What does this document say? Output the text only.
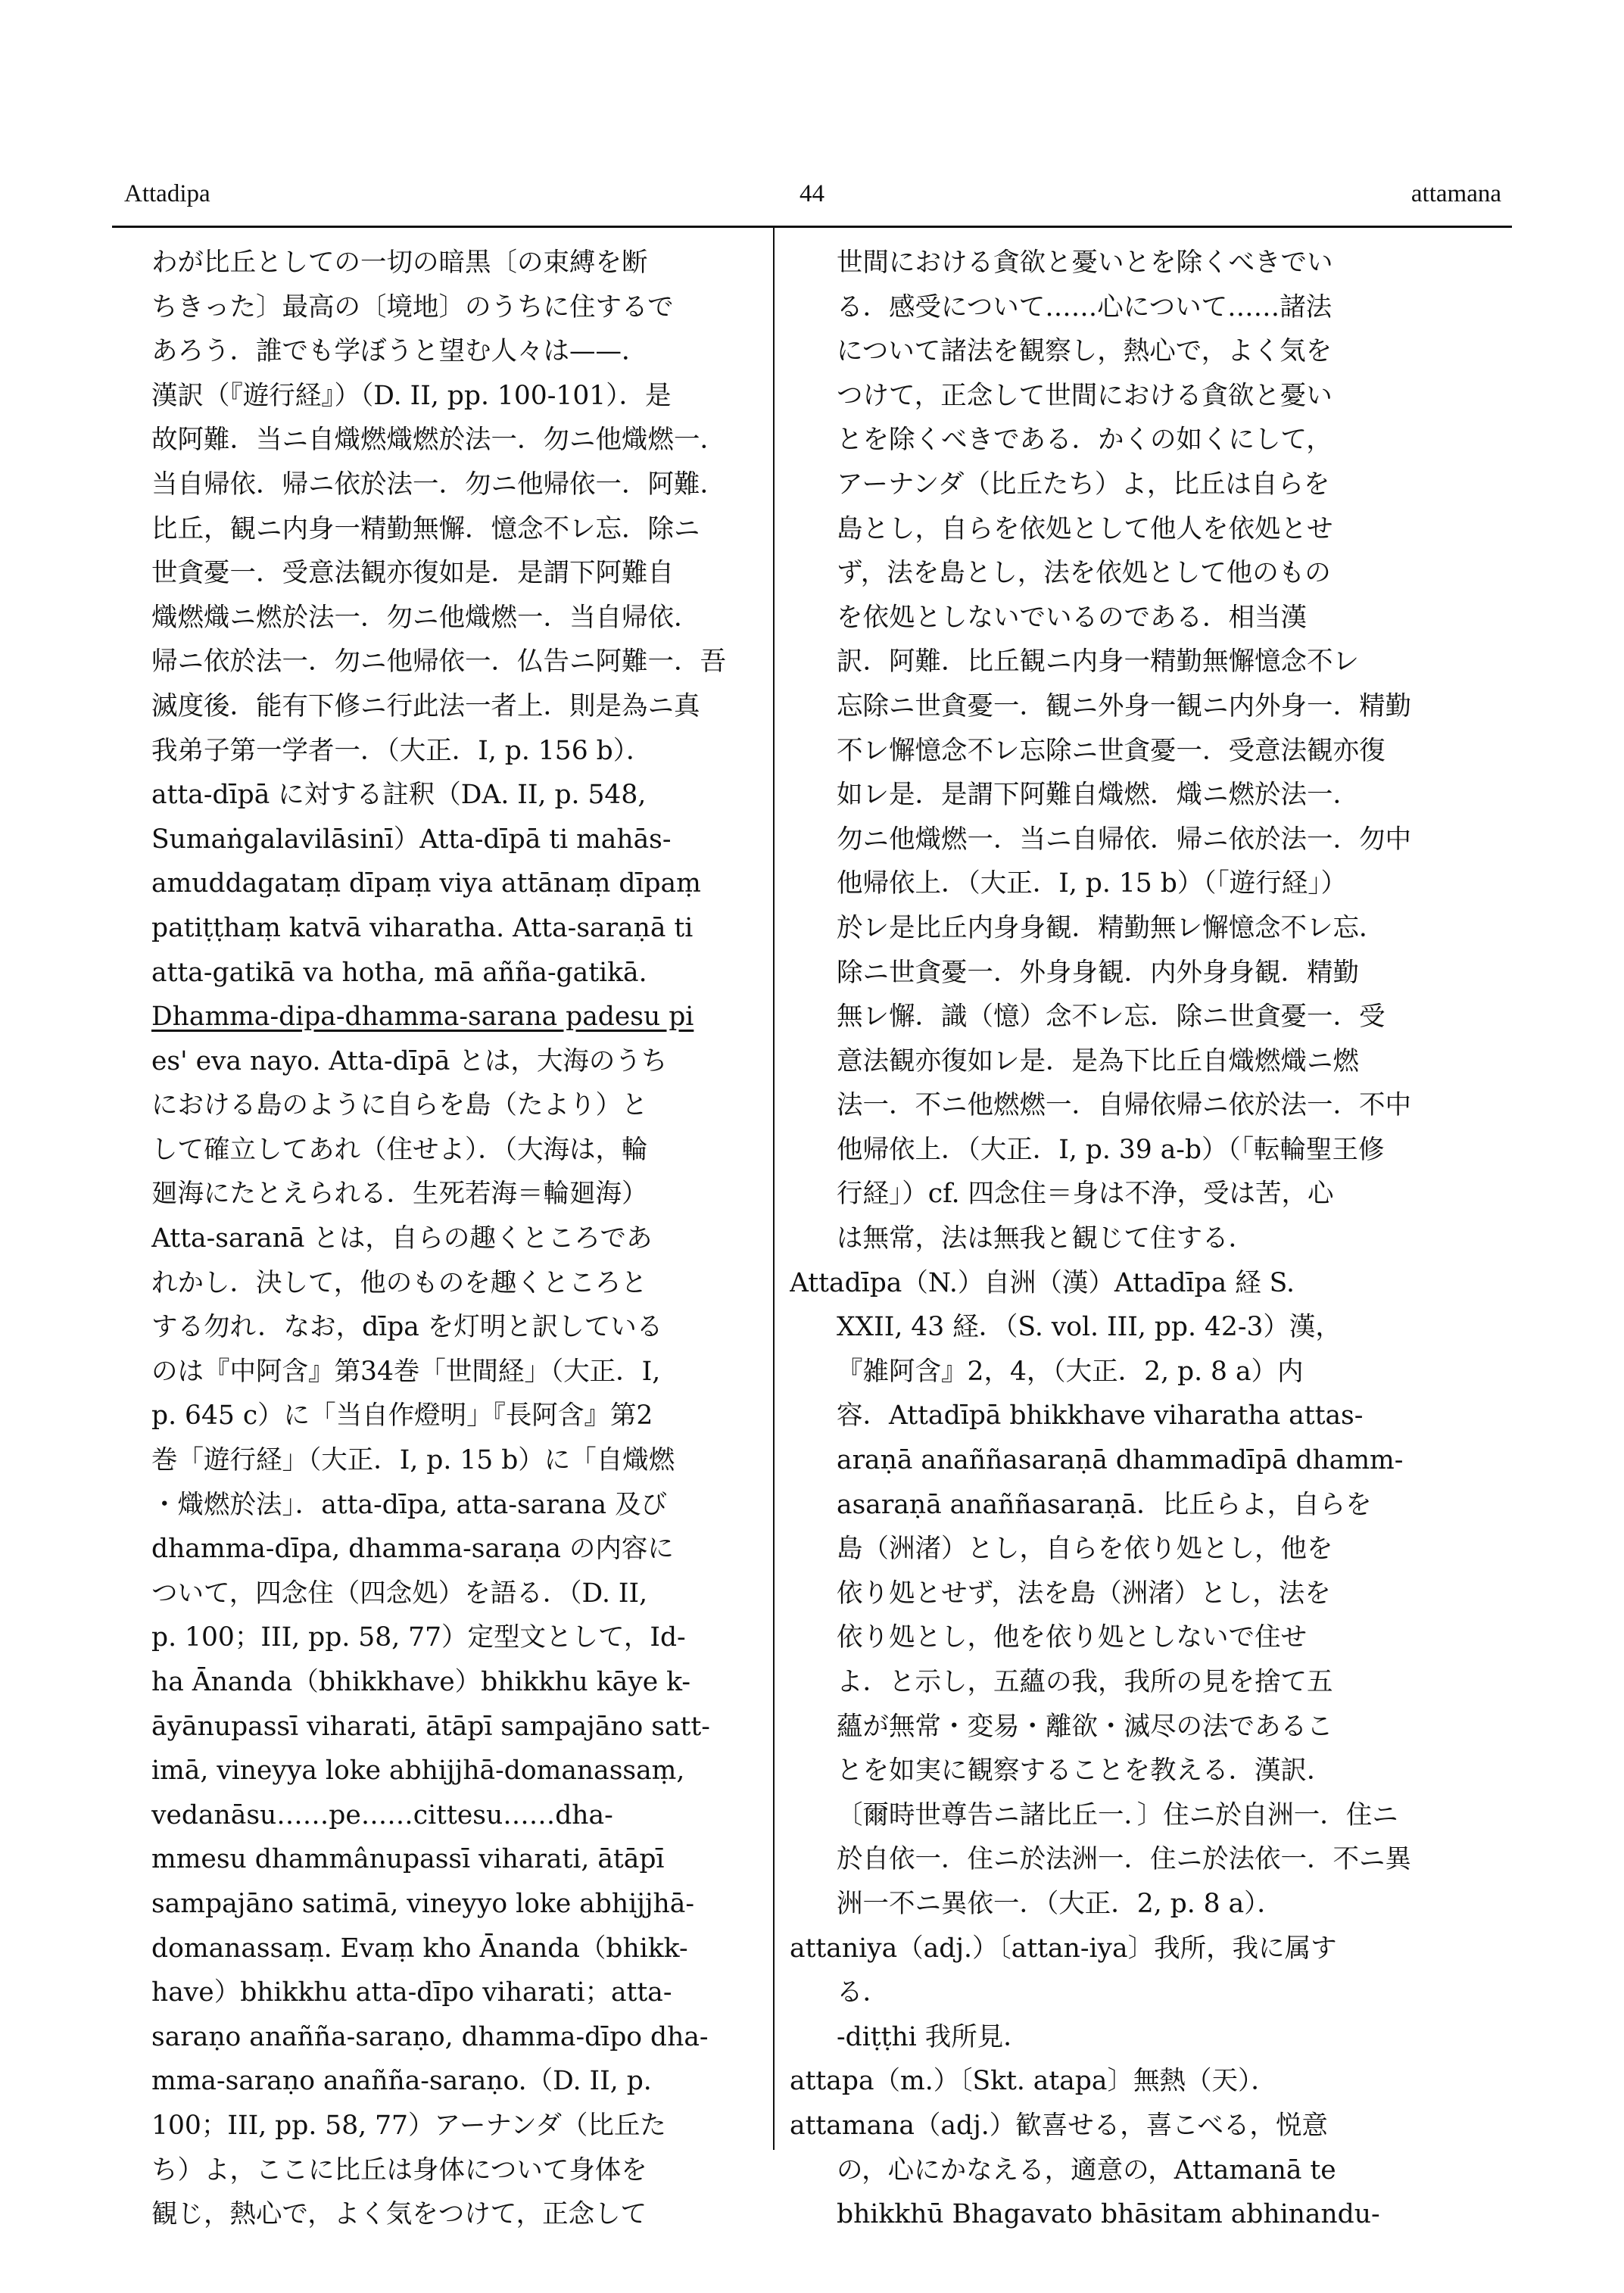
Attadipa	44	attamana
わが比丘としての一切の暗黒〔の束縛を断
ちきった〕最高の〔境地〕のうちに住するで
あろう．誰でも学ぼうと望む人々は——．
漢訳（『遊行経』）（D. II, pp. 100-101）．是
故阿難．当ニ自熾燃熾燃於法一．勿ニ他熾燃一．
当自帰依．帰ニ依於法一．勿ニ他帰依一．阿難．
比丘，観ニ内身一精勤無懈．憶念不レ忘．除ニ
世貪憂一．受意法観亦復如是．是謂下阿難自
熾燃熾ニ燃於法一．勿ニ他熾燃一．当自帰依．
帰ニ依於法一．勿ニ他帰依一．仏告ニ阿難一．吾
滅度後．能有下修ニ行此法一者上．則是為ニ真
我弟子第一学者一．（大正．I, p. 156 b）．
atta-dīpā に対する註釈（DA. II, p. 548,
Sumaṅgalavilāsinī）Atta-dīpā ti mahās-
amuddagataṃ dīpaṃ viya attānaṃ dīpaṃ
patiṭṭhaṃ katvā viharatha. Atta-saraṇā ti
atta-gatikā va hotha, mā añña-gatikā.
Dhamma-dipa-dhamma-sarana padesu pi
es' eva nayo. Atta-dīpā とは，大海のうち
における島のように自らを島（たより）と
して確立してあれ（住せよ）．（大海は，輪
廻海にたとえられる．生死若海＝輪廻海）
Atta-saranā とは，自らの趣くところであ
れかし．決して，他のものを趣くところと
する勿れ．なお，dīpa を灯明と訳している
のは『中阿含』第34巻「世間経」（大正．I,
p. 645 c）に「当自作燈明」『長阿含』第2
巻「遊行経」（大正．I, p. 15 b）に「自熾燃
・熾燃於法」．atta-dīpa, atta-sarana 及び
dhamma-dīpa, dhamma-saraṇa の内容に
ついて，四念住（四念処）を語る．（D. II,
p. 100；III, pp. 58, 77）定型文として，Id-
ha Ānanda（bhikkhave）bhikkhu kāye k-
āyānupassī viharati, ātāpī sampajāno satt-
imā, vineyya loke abhijjhā-domanassaṃ,
vedanāsu……pe……cittesu……dha-
mmesu dhammânupassī viharati, ātāpī
sampajāno satimā, vineyyo loke abhijjhā-
domanassaṃ. Evaṃ kho Ānanda（bhikk-
have）bhikkhu atta-dīpo viharati；atta-
saraṇo anañña-saraṇo, dhamma-dīpo dha-
mma-saraṇo anañña-saraṇo.（D. II, p.
100；III, pp. 58, 77）アーナンダ（比丘た
ち）よ，ここに比丘は身体について身体を
観じ，熱心で，よく気をつけて，正念して
世間における貪欲と憂いとを除くべきでい
る．感受について……心について……諸法
について諸法を観察し，熱心で，よく気を
つけて，正念して世間における貪欲と憂い
とを除くべきである．かくの如くにして，
アーナンダ（比丘たち）よ，比丘は自らを
島とし，自らを依処として他人を依処とせ
ず，法を島とし，法を依処として他のもの
を依処としないでいるのである．相当漢
訳．阿難．比丘観ニ内身一精勤無懈憶念不レ
忘除ニ世貪憂一．観ニ外身一観ニ内外身一．精勤
不レ懈憶念不レ忘除ニ世貪憂一．受意法観亦復
如レ是．是謂下阿難自熾燃．熾ニ燃於法一．
勿ニ他熾燃一．当ニ自帰依．帰ニ依於法一．勿中
他帰依上．（大正．I, p. 15 b）（「遊行経」）
於レ是比丘内身身観．精勤無レ懈憶念不レ忘．
除ニ世貪憂一．外身身観．内外身身観．精勤
無レ懈．識（憶）念不レ忘．除ニ世貪憂一．受
意法観亦復如レ是．是為下比丘自熾燃熾ニ燃
法一．不ニ他燃燃一．自帰依帰ニ依於法一．不中
他帰依上．（大正．I, p. 39 a-b）（「転輪聖王修
行経」）cf. 四念住＝身は不浄，受は苦，心
は無常，法は無我と観じて住する．
Attadīpa（N.）自洲（漢）Attadīpa 経 S.
XXII, 43 経．（S. vol. III, pp. 42-3）漢，
『雑阿含』2，4，（大正．2, p. 8 a）内
容．Attadīpā bhikkhave viharatha attas-
araṇā anaññasaraṇā dhammadīpā dhamm-
asaraṇā anaññasaraṇā．比丘らよ，自らを
島（洲渚）とし，自らを依り処とし，他を
依り処とせず，法を島（洲渚）とし，法を
依り処とし，他を依り処としないで住せ
よ．と示し，五蘊の我，我所の見を捨て五
蘊が無常・変易・離欲・滅尽の法であるこ
とを如実に観察することを教える．漢訳．
〔爾時世尊告ニ諸比丘一．〕住ニ於自洲一．住ニ
於自依一．住ニ於法洲一．住ニ於法依一．不ニ異
洲一不ニ異依一．（大正．2, p. 8 a）．
attaniya（adj.）〔attan-iya〕我所，我に属す
る．
-diṭṭhi 我所見．
attapa（m.）〔Skt. atapa〕無熱（天）．
attamana（adj.）歓喜せる，喜こべる，悦意
の，心にかなえる，適意の，Attamanā te
bhikkhū Bhagavato bhāsitam abhinandu-
